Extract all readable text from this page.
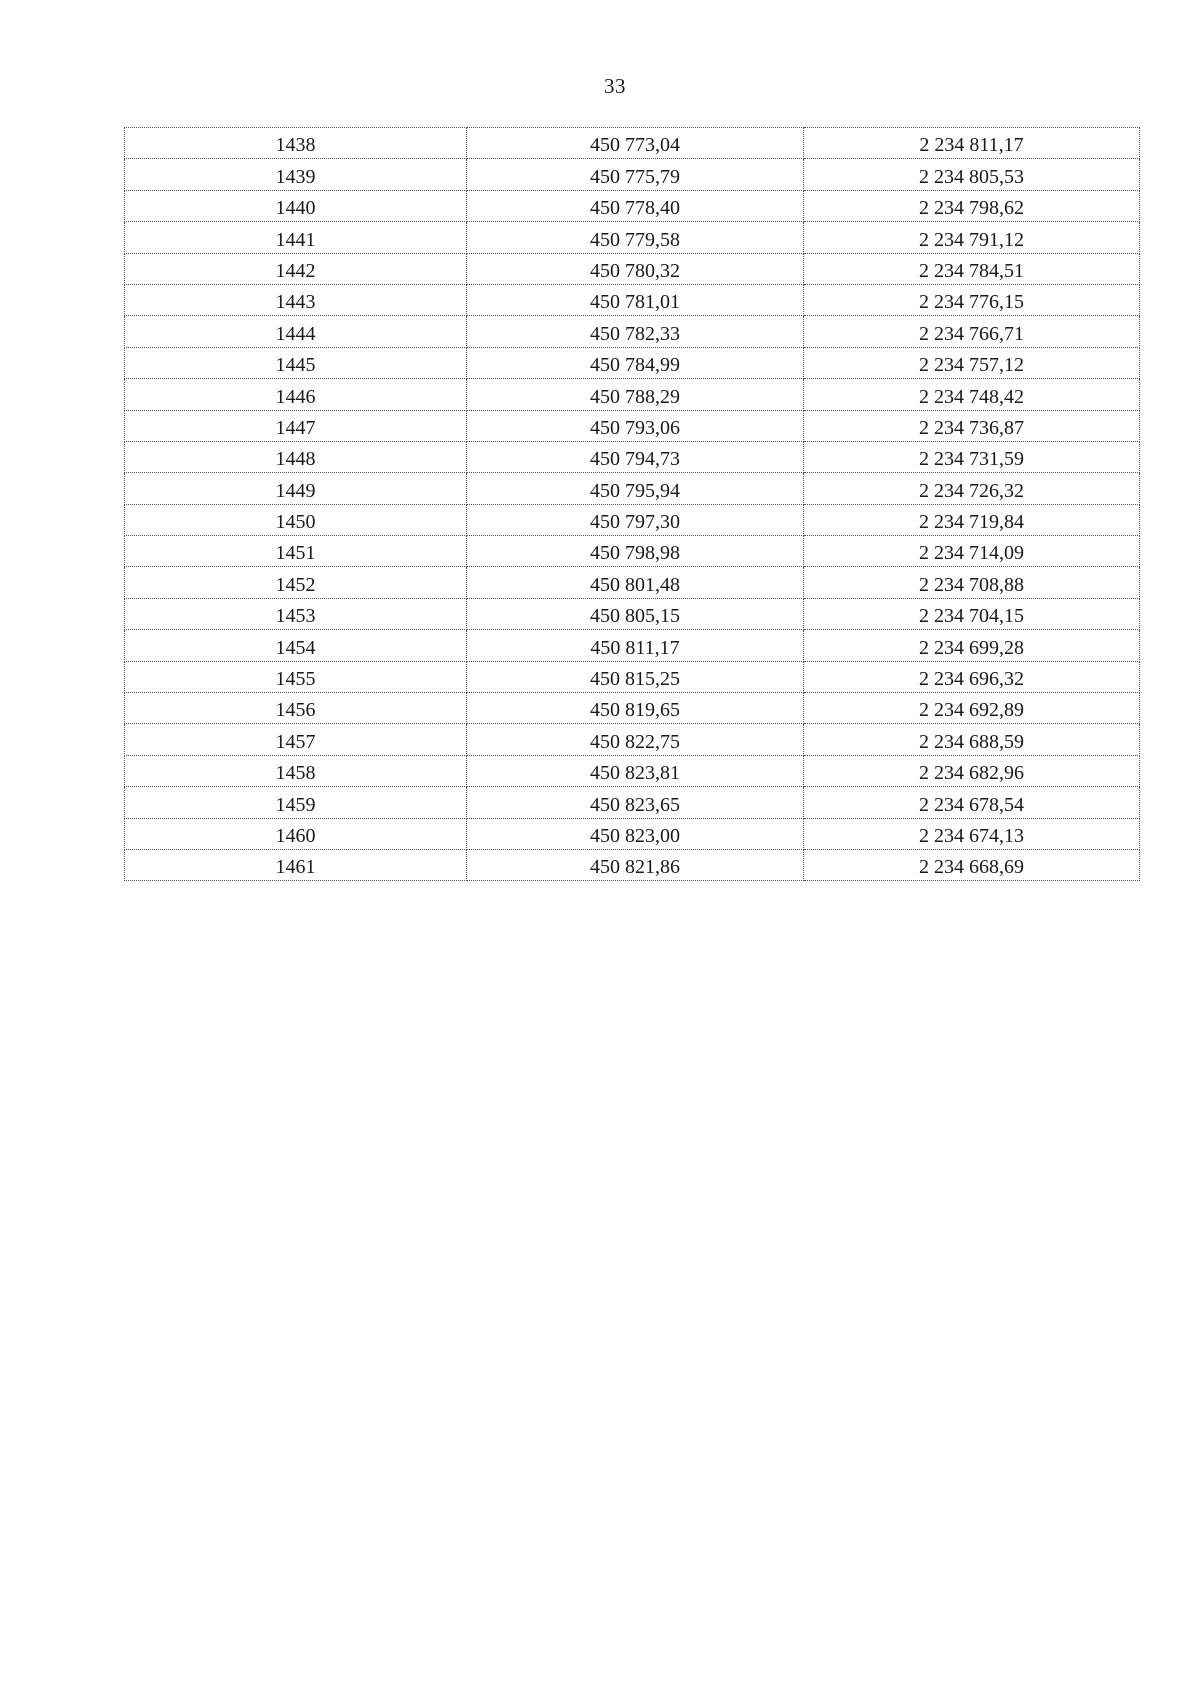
33
1438	450 773,04	2 234 811,17
1439	450 775,79	2 234 805,53
1440	450 778,40	2 234 798,62
1441	450 779,58	2 234 791,12
1442	450 780,32	2 234 784,51
1443	450 781,01	2 234 776,15
1444	450 782,33	2 234 766,71
1445	450 784,99	2 234 757,12
1446	450 788,29	2 234 748,42
1447	450 793,06	2 234 736,87
1448	450 794,73	2 234 731,59
1449	450 795,94	2 234 726,32
1450	450 797,30	2 234 719,84
1451	450 798,98	2 234 714,09
1452	450 801,48	2 234 708,88
1453	450 805,15	2 234 704,15
1454	450 811,17	2 234 699,28
1455	450 815,25	2 234 696,32
1456	450 819,65	2 234 692,89
1457	450 822,75	2 234 688,59
1458	450 823,81	2 234 682,96
1459	450 823,65	2 234 678,54
1460	450 823,00	2 234 674,13
1461	450 821,86	2 234 668,69
